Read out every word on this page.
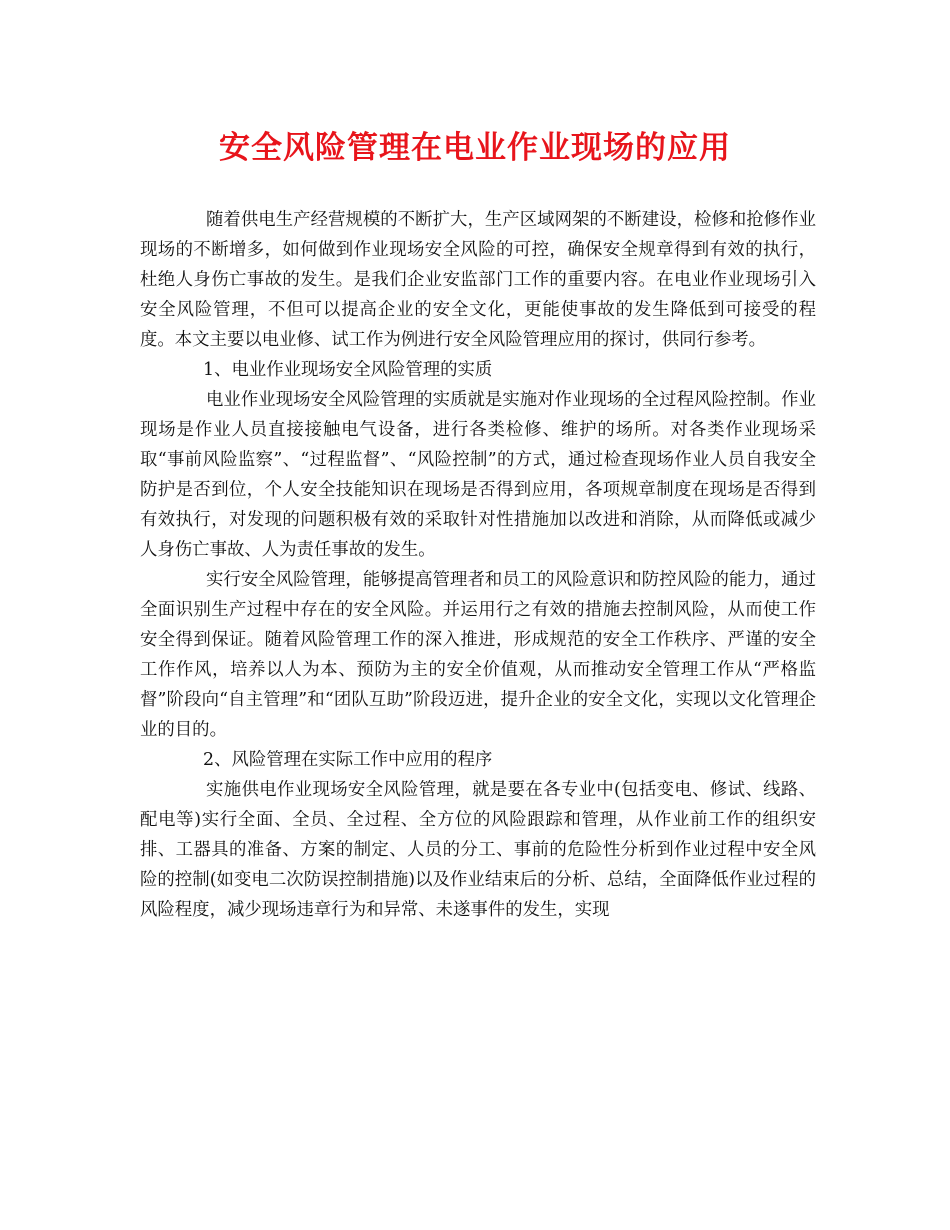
安全风险管理在电业作业现场的应用

随着供电生产经营规模的不断扩大，生产区域网架的不断建设，检修和抢修作业现场的不断增多，如何做到作业现场安全风险的可控，确保安全规章得到有效的执行，杜绝人身伤亡事故的发生。是我们企业安监部门工作的重要内容。在电业作业现场引入安全风险管理，不但可以提高企业的安全文化，更能使事故的发生降低到可接受的程度。本文主要以电业修、试工作为例进行安全风险管理应用的探讨，供同行参考。

1、电业作业现场安全风险管理的实质

电业作业现场安全风险管理的实质就是实施对作业现场的全过程风险控制。作业现场是作业人员直接接触电气设备，进行各类检修、维护的场所。对各类作业现场采取“事前风险监察”、“过程监督”、“风险控制”的方式，通过检查现场作业人员自我安全防护是否到位，个人安全技能知识在现场是否得到应用，各项规章制度在现场是否得到有效执行，对发现的问题积极有效的采取针对性措施加以改进和消除，从而降低或减少人身伤亡事故、人为责任事故的发生。

实行安全风险管理，能够提高管理者和员工的风险意识和防控风险的能力，通过全面识别生产过程中存在的安全风险。并运用行之有效的措施去控制风险，从而使工作安全得到保证。随着风险管理工作的深入推进，形成规范的安全工作秩序、严谨的安全工作作风，培养以人为本、预防为主的安全价值观，从而推动安全管理工作从“严格监督”阶段向“自主管理”和“团队互助”阶段迈进，提升企业的安全文化，实现以文化管理企业的目的。

2、风险管理在实际工作中应用的程序

实施供电作业现场安全风险管理，就是要在各专业中(包括变电、修试、线路、配电等)实行全面、全员、全过程、全方位的风险跟踪和管理，从作业前工作的组织安排、工器具的准备、方案的制定、人员的分工、事前的危险性分析到作业过程中安全风险的控制(如变电二次防误控制措施)以及作业结束后的分析、总结，全面降低作业过程的风险程度，减少现场违章行为和异常、未遂事件的发生，实现
